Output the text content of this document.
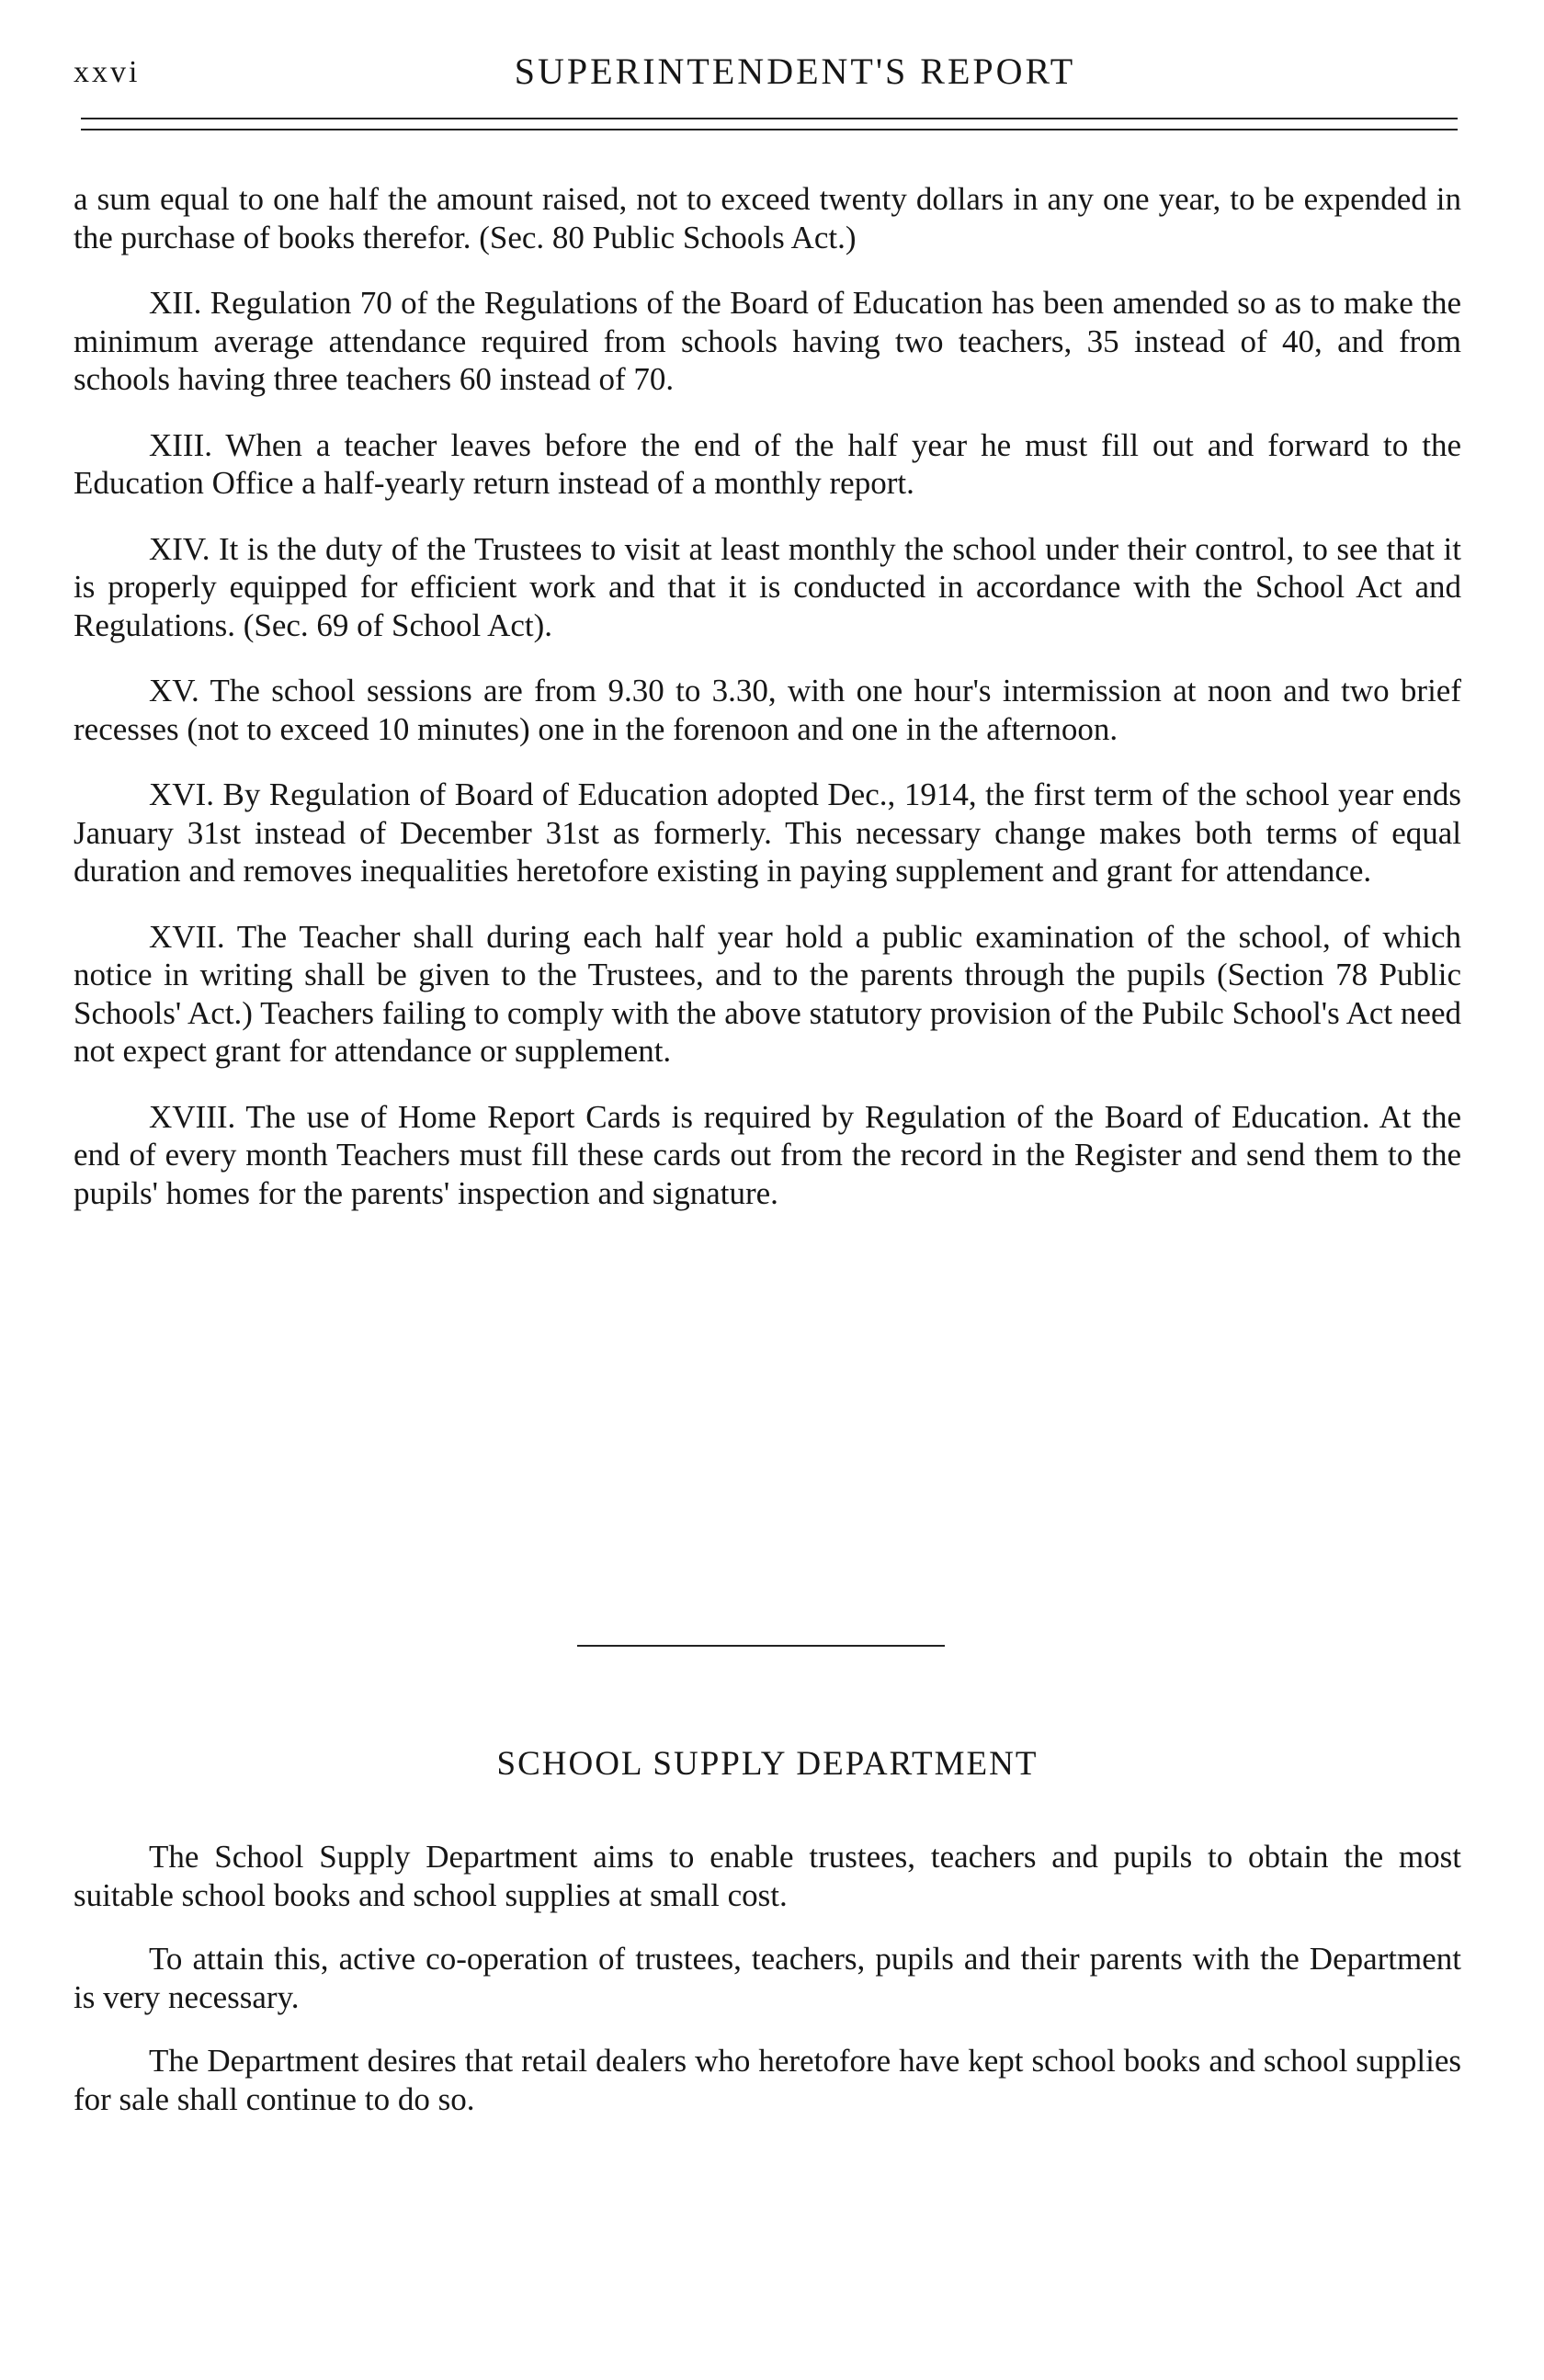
xxvi	SUPERINTENDENT'S REPORT

a sum equal to one half the amount raised, not to exceed twenty dollars in any one year, to be expended in the purchase of books therefor. (Sec. 80 Public Schools Act.)

XII. Regulation 70 of the Regulations of the Board of Education has been amended so as to make the minimum average attendance required from schools having two teachers, 35 instead of 40, and from schools having three teachers 60 instead of 70.

XIII. When a teacher leaves before the end of the half year he must fill out and forward to the Education Office a half-yearly return instead of a monthly report.

XIV. It is the duty of the Trustees to visit at least monthly the school under their control, to see that it is properly equipped for efficient work and that it is conducted in accordance with the School Act and Regulations. (Sec. 69 of School Act).

XV. The school sessions are from 9.30 to 3.30, with one hour's intermission at noon and two brief recesses (not to exceed 10 minutes) one in the forenoon and one in the afternoon.

XVI. By Regulation of Board of Education adopted Dec., 1914, the first term of the school year ends January 31st instead of December 31st as formerly. This necessary change makes both terms of equal duration and removes inequalities heretofore existing in paying supplement and grant for attendance.

XVII. The Teacher shall during each half year hold a public examination of the school, of which notice in writing shall be given to the Trustees, and to the parents through the pupils (Section 78 Public Schools' Act.) Teachers failing to comply with the above statutory provision of the Pubilc School's Act need not expect grant for attendance or supplement.

XVIII. The use of Home Report Cards is required by Regulation of the Board of Education. At the end of every month Teachers must fill these cards out from the record in the Register and send them to the pupils' homes for the parents' inspection and signature.

SCHOOL SUPPLY DEPARTMENT

The School Supply Department aims to enable trustees, teachers and pupils to obtain the most suitable school books and school supplies at small cost.

To attain this, active co-operation of trustees, teachers, pupils and their parents with the Department is very necessary.

The Department desires that retail dealers who heretofore have kept school books and school supplies for sale shall continue to do so.
